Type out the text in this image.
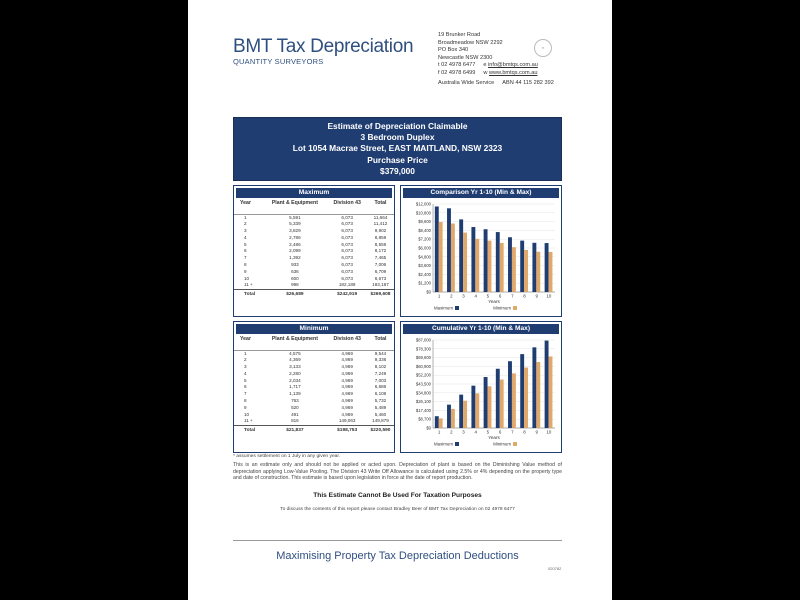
BMT Tax Depreciation
QUANTITY SURVEYORS
19 Brunker Road
Broadmeadow NSW 2292
PO Box 340
Newcastle NSW 2300
t 02 4978 6477 e info@bmtqs.com.au
f 02 4978 6499 w www.bmtqs.com.au
Australia Wide Service ABN 44 115 282 392
●
Estimate of Depreciation Claimable
3 Bedroom Duplex
Lot 1054 Macrae Street, EAST MAITLAND, NSW 2323
Purchase Price
$379,000
Maximum
Year	Plant & Equipment	Division 43	Total
1	5,591	6,073	11,664
2	5,339	6,073	11,412
3	3,829	6,073	9,902
4	2,786	6,073	8,859
5	2,486	6,073	8,559
6	2,099	6,073	8,172
7	1,392	6,073	7,465
8	933	6,073	7,006
9	636	6,073	6,709
10	600	6,073	6,673
11 +	998	182,189	183,187
Total	$26,689	$242,919	$269,608
Minimum
Year	Plant & Equipment	Division 43	Total
1	4,575	4,969	9,544
2	4,369	4,969	9,338
3	3,133	4,969	8,102
4	2,280	4,969	7,249
5	2,034	4,969	7,003
6	1,717	4,969	6,686
7	1,139	4,969	6,108
8	763	4,969	5,732
9	520	4,969	5,489
10	491	4,969	5,460
11 +	816	149,063	149,879
Total	$21,837	$198,753	$220,590
Comparison Yr 1-10 (Min & Max)
$0
$1,200
$2,400
$3,600
$4,800
$6,000
$7,200
$8,400
$9,600
$10,800
$12,000
1 2 3 4 5 6 7 8 9 10
Years
Maximum	Minimum
Cumulative Yr 1-10 (Min & Max)
$0
$8,700
$17,400
$26,100
$34,800
$43,500
$52,200
$60,900
$69,600
$78,300
$87,000
1 2 3 4 5 6 7 8 9 10
Years
Maximum	Minimum
* assumes settlement on 1 July in any given year.
This is an estimate only and should not be applied or acted upon. Depreciation of plant is based on the Diminishing Value method of depreciation applying Low-Value Pooling. The Division 43 Write Off Allowance is calculated using 2.5% or 4% depending on the property type and date of construction. This estimate is based upon legislation in force at the date of report production.
This Estimate Cannot Be Used For Taxation Purposes
To discuss the contents of this report please contact Bradley Beer of BMT Tax Depreciation on 02 4978 6477
Maximising Property Tax Depreciation Deductions
020782
